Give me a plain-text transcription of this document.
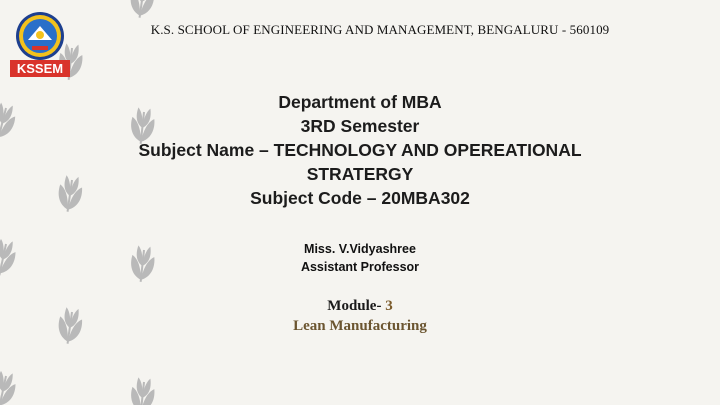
KSSEM
K.S. SCHOOL OF ENGINEERING AND MANAGEMENT, BENGALURU - 560109
Department of MBA
3RD Semester
Subject Name – TECHNOLOGY AND OPEREATIONAL
STRATERGY
Subject Code – 20MBA302
Miss. V.Vidyashree
Assistant Professor
Module- 3
Lean Manufacturing
